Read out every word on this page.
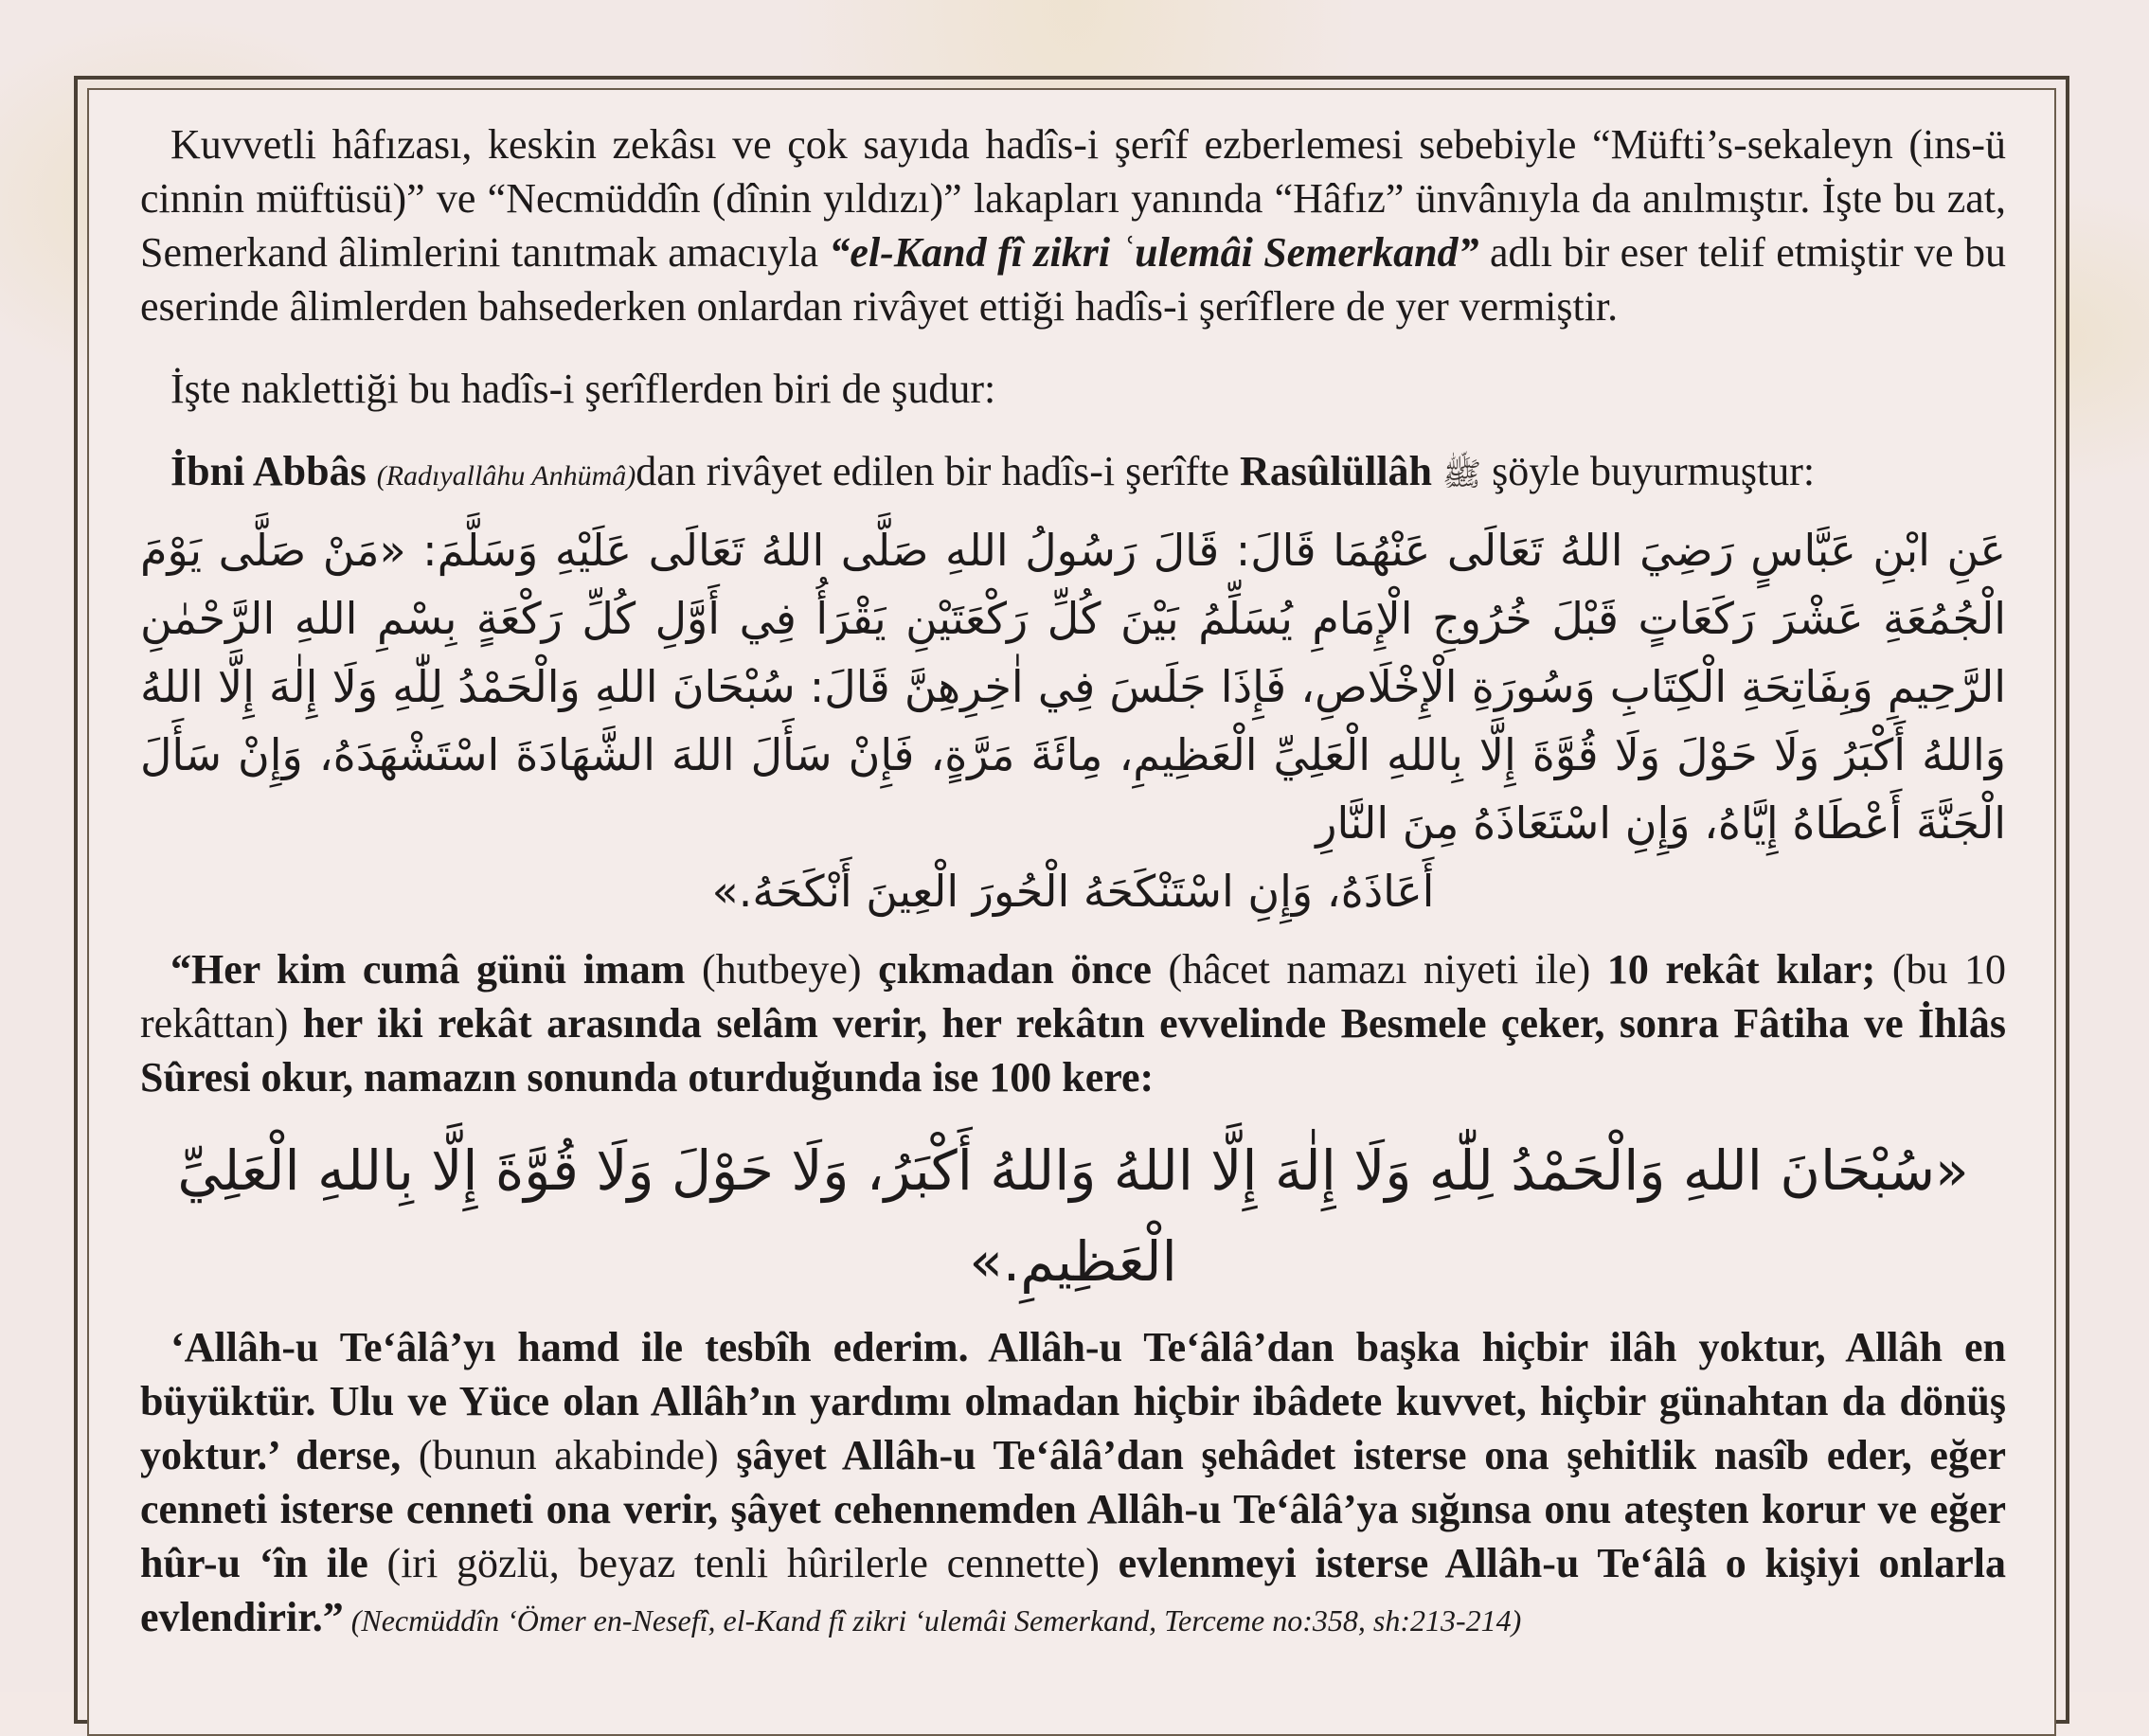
Kuvvetli hâfızası, keskin zekâsı ve çok sayıda hadîs-i şerîf ezberlemesi sebebiyle “Müfti’s-sekaleyn (ins-ü cinnin müftüsü)” ve “Necmüddîn (dînin yıldızı)” lakapları yanında “Hâfız” ünvânıyla da anılmıştır. İşte bu zat, Semerkand âlimlerini tanıtmak amacıyla “el-Kand fî zikri ʿulemâi Semerkand” adlı bir eser telif etmiştir ve bu eserinde âlimlerden bahsederken onlardan rivâyet ettiği hadîs-i şerîflere de yer vermiştir.

İşte naklettiği bu hadîs-i şerîflerden biri de şudur:

İbni Abbâs (Radıyallâhu Anhümâ)dan rivâyet edilen bir hadîs-i şerîfte Rasûlüllâh ﷺ şöyle buyurmuştur:

عَنِ ابْنِ عَبَّاسٍ رَضِيَ اللهُ تَعَالَى عَنْهُمَا قَالَ: قَالَ رَسُولُ اللهِ صَلَّى اللهُ تَعَالَى عَلَيْهِ وَسَلَّمَ: «مَنْ صَلَّى يَوْمَ الْجُمُعَةِ عَشْرَ رَكَعَاتٍ قَبْلَ خُرُوجِ الْإِمَامِ يُسَلِّمُ بَيْنَ كُلِّ رَكْعَتَيْنِ يَقْرَأُ فِي أَوَّلِ كُلِّ رَكْعَةٍ بِسْمِ اللهِ الرَّحْمٰنِ الرَّحِيمِ وَبِفَاتِحَةِ الْكِتَابِ وَسُورَةِ الْإِخْلَاصِ، فَإِذَا جَلَسَ فِي اٰخِرِهِنَّ قَالَ: سُبْحَانَ اللهِ وَالْحَمْدُ لِلّٰهِ وَلَا إِلٰهَ إِلَّا اللهُ وَاللهُ أَكْبَرُ وَلَا حَوْلَ وَلَا قُوَّةَ إِلَّا بِاللهِ الْعَلِيِّ الْعَظِيمِ، مِائَةَ مَرَّةٍ، فَإِنْ سَأَلَ اللهَ الشَّهَادَةَ اسْتَشْهَدَهُ، وَإِنْ سَأَلَ الْجَنَّةَ أَعْطَاهُ إِيَّاهُ، وَإِنِ اسْتَعَاذَهُ مِنَ النَّارِ

أَعَاذَهُ، وَإِنِ اسْتَنْكَحَهُ الْحُورَ الْعِينَ أَنْكَحَهُ.»

“Her kim cumâ günü imam (hutbeye) çıkmadan önce (hâcet namazı niyeti ile) 10 rekât kılar; (bu 10 rekâttan) her iki rekât arasında selâm verir, her rekâtın evvelinde Besmele çeker, sonra Fâtiha ve İhlâs Sûresi okur, namazın sonunda oturduğunda ise 100 kere:

«سُبْحَانَ اللهِ وَالْحَمْدُ لِلّٰهِ وَلَا إِلٰهَ إِلَّا اللهُ وَاللهُ أَكْبَرُ، وَلَا حَوْلَ وَلَا قُوَّةَ إِلَّا بِاللهِ الْعَلِيِّ الْعَظِيمِ.»

‘Allâh-u Te‘âlâ’yı hamd ile tesbîh ederim. Allâh-u Te‘âlâ’dan başka hiçbir ilâh yoktur, Allâh en büyüktür. Ulu ve Yüce olan Allâh’ın yardımı olmadan hiçbir ibâdete kuvvet, hiçbir günahtan da dönüş yoktur.’ derse, (bunun akabinde) şâyet Allâh-u Te‘âlâ’dan şehâdet isterse ona şehitlik nasîb eder, eğer cenneti isterse cenneti ona verir, şâyet cehennemden Allâh-u Te‘âlâ’ya sığınsa onu ateşten korur ve eğer hûr-u ‘în ile (iri gözlü, beyaz tenli hûrilerle cennette) evlenmeyi isterse Allâh-u Te‘âlâ o kişiyi onlarla evlendirir.” (Necmüddîn ‘Ömer en-Nesefî, el-Kand fî zikri ‘ulemâi Semerkand, Terceme no:358, sh:213-214)
